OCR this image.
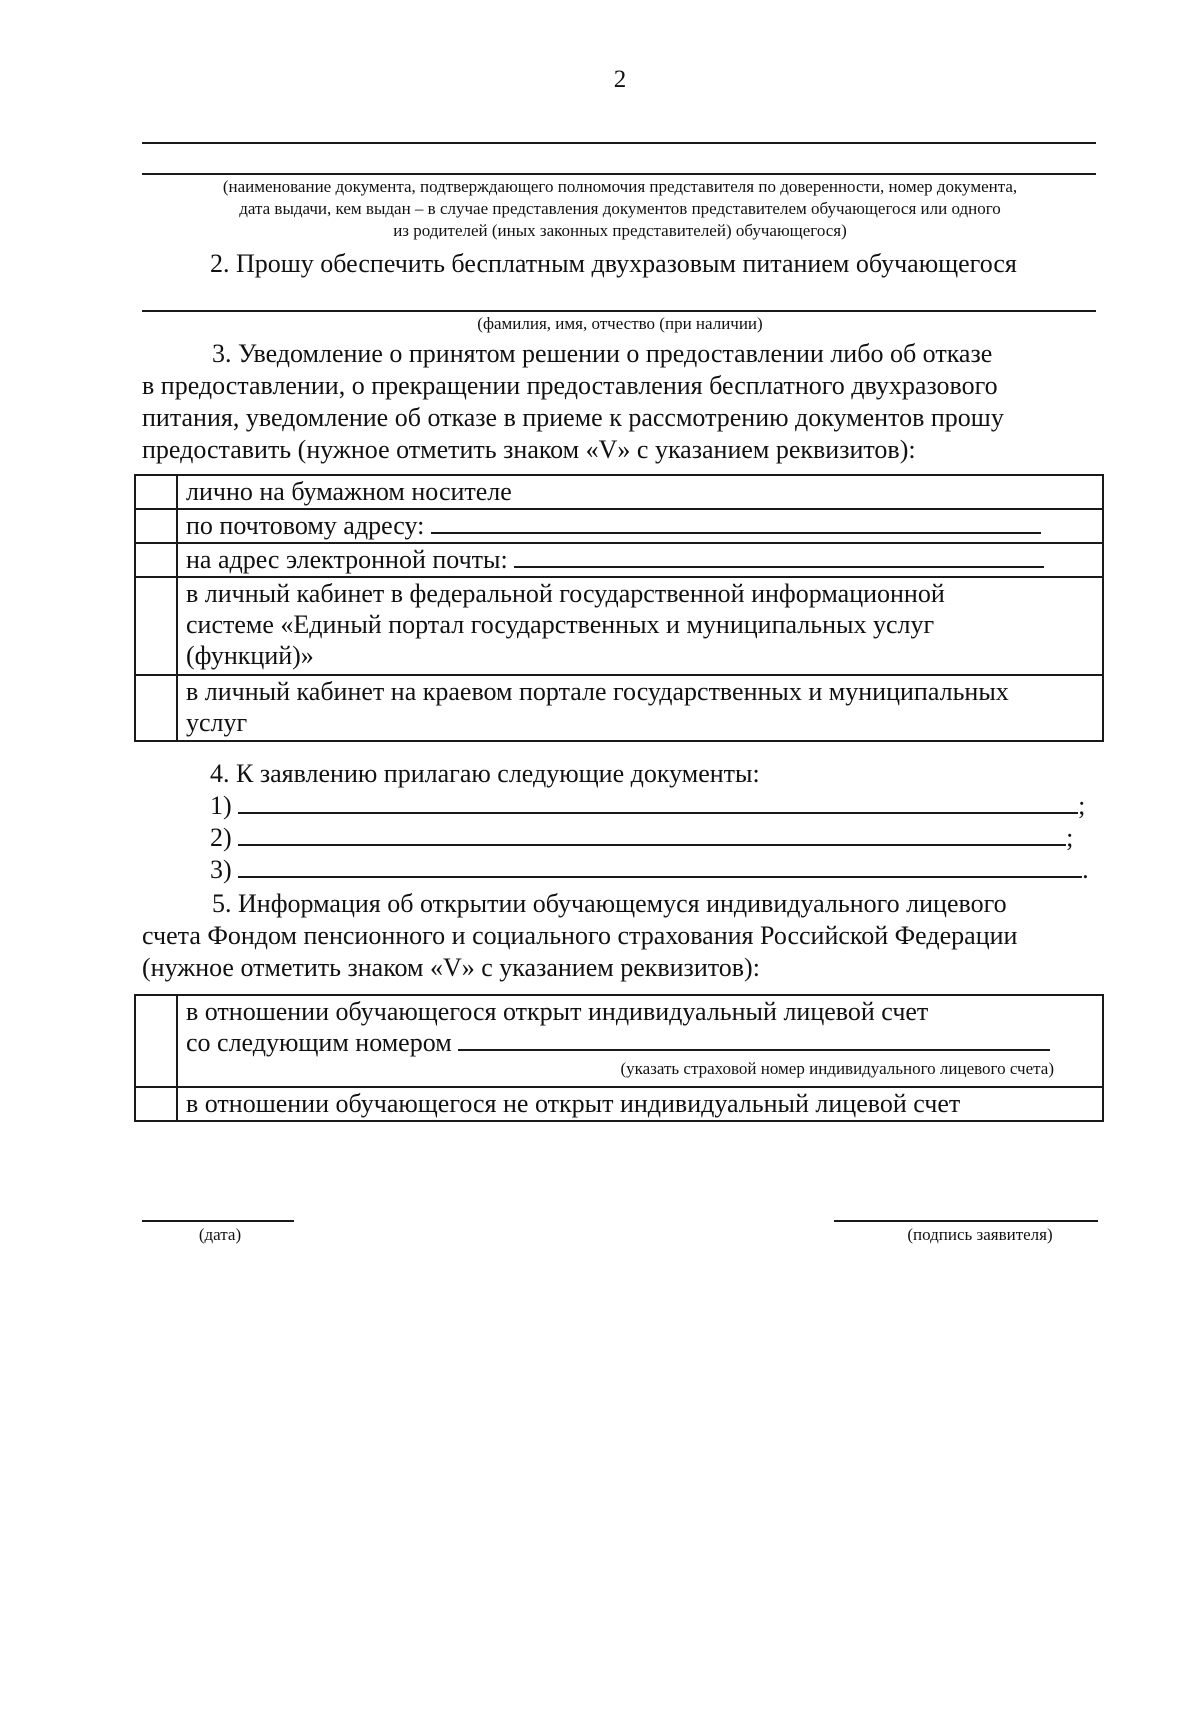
2
(наименование документа, подтверждающего полномочия представителя по доверенности, номер документа,
дата выдачи, кем выдан – в случае представления документов представителем обучающегося или одного
из родителей (иных законных представителей) обучающегося)
2. Прошу обеспечить бесплатным двухразовым питанием обучающегося
(фамилия, имя, отчество (при наличии)
3. Уведомление о принятом решении о предоставлении либо об отказе
в предоставлении, о прекращении предоставления бесплатного двухразового
питания, уведомление об отказе в приеме к рассмотрению документов прошу
предоставить (нужное отметить знаком «V» с указанием реквизитов):
	лично на бумажном носителе
	по почтовому адресу:
	на адрес электронной почты:

	в личный кабинет в федеральной государственной информационной
системе «Единый портал государственных и муниципальных услуг
(функций)»

	в личный кабинет на краевом портале государственных и муниципальных
услуг
4. К заявлению прилагаю следующие документы:
1)	;
2)	;
3)	.
5. Информация об открытии обучающемуся индивидуального лицевого
счета Фондом пенсионного и социального страхования Российской Федерации
(нужное отметить знаком «V» с указанием реквизитов):

	в отношении обучающегося открыт индивидуальный лицевой счет
со следующим номером
(указать страховой номер индивидуального лицевого счета)

	в отношении обучающегося не открыт индивидуальный лицевой счет
(дата)	(подпись заявителя)
